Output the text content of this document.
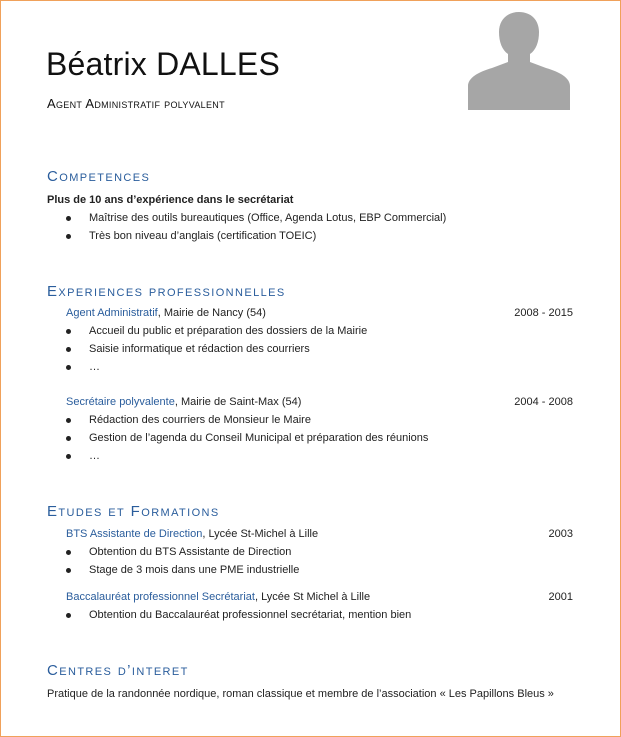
Béatrix DALLES
Agent Administratif polyvalent
Competences
Plus de 10 ans d’expérience dans le secrétariat
Maîtrise des outils bureautiques (Office, Agenda Lotus, EBP Commercial)
Très bon niveau d’anglais (certification TOEIC)
Experiences professionnelles
Agent Administratif, Mairie de Nancy (54)	2008 - 2015
Accueil du public et préparation des dossiers de la Mairie
Saisie informatique et rédaction des courriers
…
Secrétaire polyvalente, Mairie de Saint-Max (54)	2004 - 2008
Rédaction des courriers de Monsieur le Maire
Gestion de l’agenda du Conseil Municipal et préparation des réunions
…
Etudes et Formations
BTS Assistante de Direction, Lycée St-Michel à Lille	2003
Obtention du BTS Assistante de Direction
Stage de 3 mois dans une PME industrielle
Baccalauréat professionnel Secrétariat, Lycée St Michel à Lille	2001
Obtention du Baccalauréat professionnel secrétariat, mention bien
Centres d’interet
Pratique de la randonnée nordique, roman classique et membre de l’association « Les Papillons Bleus »
